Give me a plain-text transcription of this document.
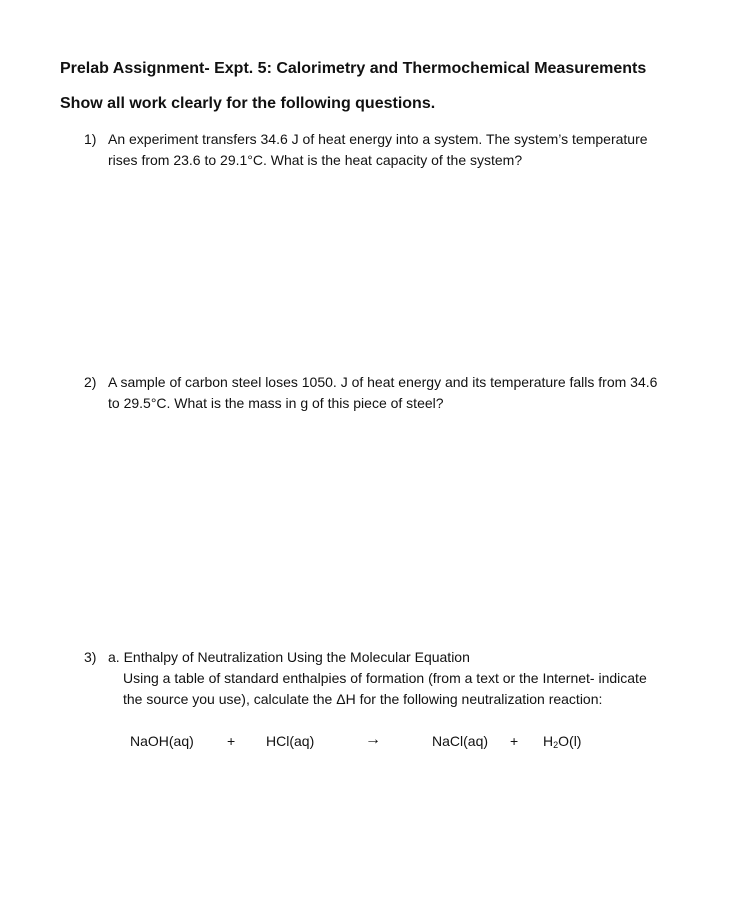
Prelab Assignment- Expt. 5: Calorimetry and Thermochemical Measurements
Show all work clearly for the following questions.
1) An experiment transfers 34.6 J of heat energy into a system. The system’s temperature
rises from 23.6 to 29.1°C. What is the heat capacity of the system?
2) A sample of carbon steel loses 1050. J of heat energy and its temperature falls from 34.6
to 29.5°C. What is the mass in g of this piece of steel?
3) a. Enthalpy of Neutralization Using the Molecular Equation
Using a table of standard enthalpies of formation (from a text or the Internet- indicate
the source you use), calculate the ΔH for the following neutralization reaction:
NaOH(aq) + HCl(aq)	→	NaCl(aq) + $H_2O(l)$
